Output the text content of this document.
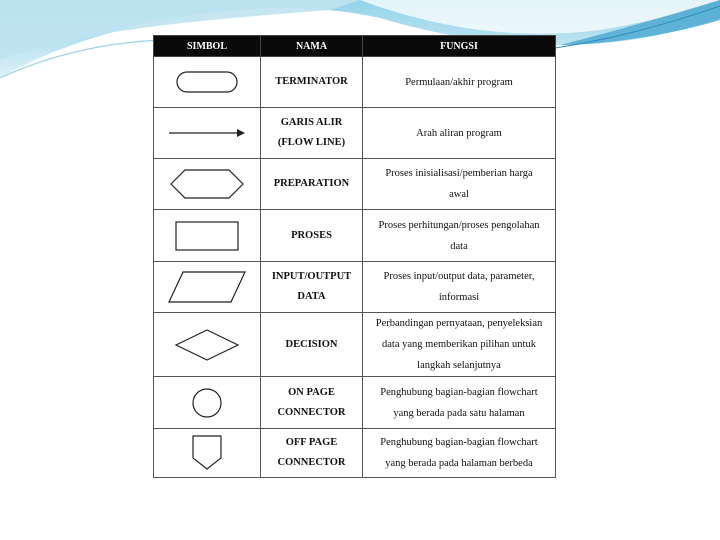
SIMBOL	NAMA	FUNGSI

TERMINATOR	Permulaan/akhir program

GARIS ALIR
(FLOW LINE)	Arah aliran program

PREPARATION	Proses inisialisasi/pemberian harga
awal

PROSES	Proses perhitungan/proses pengolahan
data

INPUT/OUTPUT
DATA	Proses input/output data, parameter,
informasi

DECISION	Perbandingan pernyataan, penyeleksian
data yang memberikan pilihan untuk
langkah selanjutnya

ON PAGE
CONNECTOR	Penghubung bagian-bagian flowchart
yang berada pada satu halaman

OFF PAGE
CONNECTOR	Penghubung bagian-bagian flowchart
yang berada pada halaman berbeda
